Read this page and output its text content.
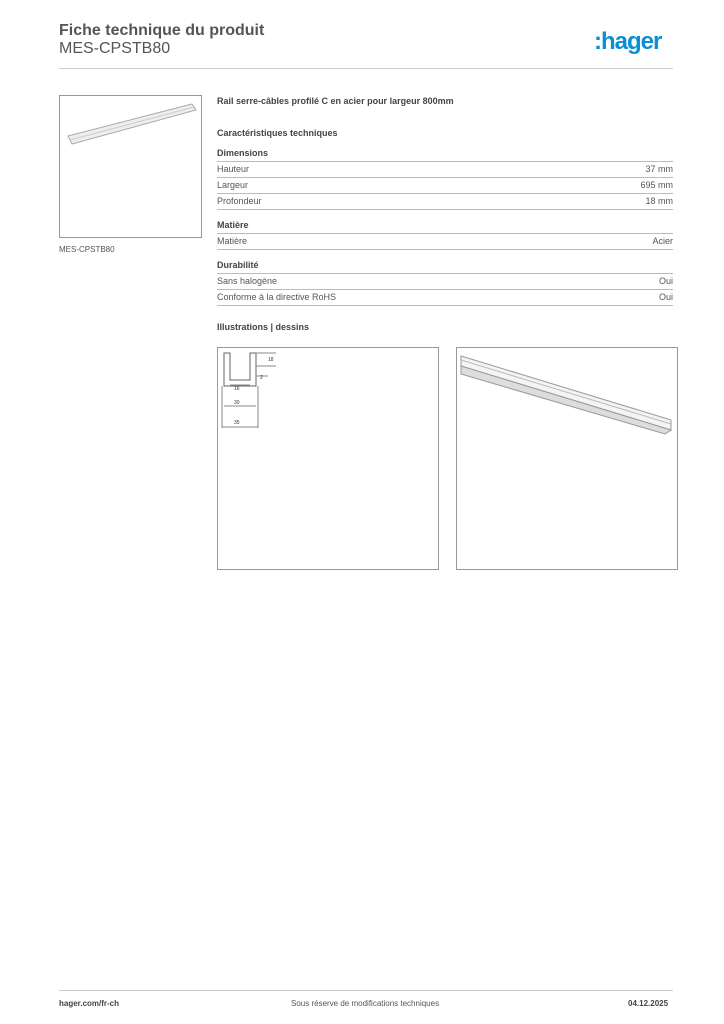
Fiche technique du produit
MES-CPSTB80	:hager
MES-CPSTB80
Rail serre-câbles profilé C en acier pour largeur 800mm
Caractéristiques techniques
Dimensions
Hauteur	37 mm
Largeur	695 mm
Profondeur	18 mm
Matière
Matière	Acier
Durabilité
Sans halogène	Oui
Conforme à la directive RoHS	Oui
Illustrations | dessins
18
2
16
30
35
hager.com/fr-ch	Sous réserve de modifications techniques	04.12.2025
